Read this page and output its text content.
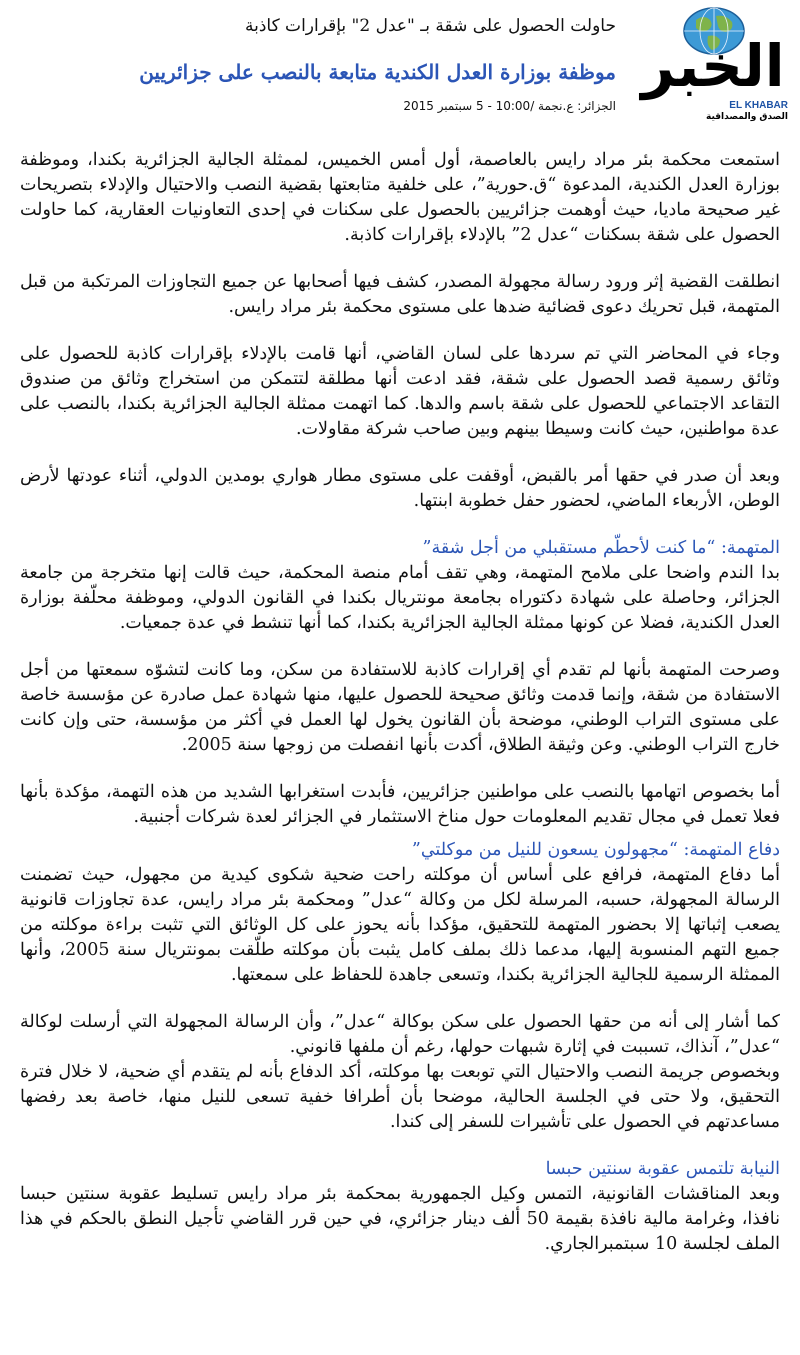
الخبر
EL KHABAR
الصدق والمصداقية
حاولت الحصول على شقة بـ "عدل 2" بإقرارات كاذبة
موظفة بوزارة العدل الكندية متابعة بالنصب على جزائريين
الجزائر: ع.نجمة /10:00 - 5 سبتمبر 2015

استمعت محكمة بئر مراد رايس بالعاصمة، أول أمس الخميس، لممثلة الجالية الجزائرية بكندا، وموظفة بوزارة العدل الكندية، المدعوة “ق.حورية”، على خلفية متابعتها بقضية النصب والاحتيال والإدلاء بتصريحات غير صحيحة ماديا، حيث أوهمت جزائريين بالحصول على سكنات في إحدى التعاونيات العقارية، كما حاولت الحصول على شقة بسكنات “عدل 2” بالإدلاء بإقرارات كاذبة.

انطلقت القضية إثر ورود رسالة مجهولة المصدر، كشف فيها أصحابها عن جميع التجاوزات المرتكبة من قبل المتهمة، قبل تحريك دعوى قضائية ضدها على مستوى محكمة بئر مراد رايس.

وجاء في المحاضر التي تم سردها على لسان القاضي، أنها قامت بالإدلاء بإقرارات كاذبة للحصول على وثائق رسمية قصد الحصول على شقة، فقد ادعت أنها مطلقة لتتمكن من استخراج وثائق من صندوق التقاعد الاجتماعي للحصول على شقة باسم والدها. كما اتهمت ممثلة الجالية الجزائرية بكندا، بالنصب على عدة مواطنين، حيث كانت وسيطا بينهم وبين صاحب شركة مقاولات.

وبعد أن صدر في حقها أمر بالقبض، أوقفت على مستوى مطار هواري بومدين الدولي، أثناء عودتها لأرض الوطن، الأربعاء الماضي، لحضور حفل خطوبة ابنتها.

المتهمة: “ما كنت لأحطّم مستقبلي من أجل شقة”

بدا الندم واضحا على ملامح المتهمة، وهي تقف أمام منصة المحكمة، حيث قالت إنها متخرجة من جامعة الجزائر، وحاصلة على شهادة دكتوراه بجامعة مونتريال بكندا في القانون الدولي، وموظفة محلّفة بوزارة العدل الكندية، فضلا عن كونها ممثلة الجالية الجزائرية بكندا، كما أنها تنشط في عدة جمعيات.

وصرحت المتهمة بأنها لم تقدم أي إقرارات كاذبة للاستفادة من سكن، وما كانت لتشوّه سمعتها من أجل الاستفادة من شقة، وإنما قدمت وثائق صحيحة للحصول عليها، منها شهادة عمل صادرة عن مؤسسة خاصة على مستوى التراب الوطني، موضحة بأن القانون يخول لها العمل في أكثر من مؤسسة، حتى وإن كانت خارج التراب الوطني. وعن وثيقة الطلاق، أكدت بأنها انفصلت من زوجها سنة 2005.

أما بخصوص اتهامها بالنصب على مواطنين جزائريين، فأبدت استغرابها الشديد من هذه التهمة، مؤكدة بأنها فعلا تعمل في مجال تقديم المعلومات حول مناخ الاستثمار في الجزائر لعدة شركات أجنبية.

دفاع المتهمة: “مجهولون يسعون للنيل من موكلتي”

أما دفاع المتهمة، فرافع على أساس أن موكلته راحت ضحية شكوى كيدية من مجهول، حيث تضمنت الرسالة المجهولة، حسبه، المرسلة لكل من وكالة “عدل” ومحكمة بئر مراد رايس، عدة تجاوزات قانونية يصعب إثباتها إلا بحضور المتهمة للتحقيق، مؤكدا بأنه يحوز على كل الوثائق التي تثبت براءة موكلته من جميع التهم المنسوبة إليها، مدعما ذلك بملف كامل يثبت بأن موكلته طلّقت بمونتريال سنة 2005، وأنها الممثلة الرسمية للجالية الجزائرية بكندا، وتسعى جاهدة للحفاظ على سمعتها.

كما أشار إلى أنه من حقها الحصول على سكن بوكالة “عدل”، وأن الرسالة المجهولة التي أرسلت لوكالة “عدل”، آنذاك، تسببت في إثارة شبهات حولها، رغم أن ملفها قانوني.

وبخصوص جريمة النصب والاحتيال التي توبعت بها موكلته، أكد الدفاع بأنه لم يتقدم أي ضحية، لا خلال فترة التحقيق، ولا حتى في الجلسة الحالية، موضحا بأن أطرافا خفية تسعى للنيل منها، خاصة بعد رفضها مساعدتهم في الحصول على تأشيرات للسفر إلى كندا.

النيابة تلتمس عقوبة سنتين حبسا

وبعد المناقشات القانونية، التمس وكيل الجمهورية بمحكمة بئر مراد رايس تسليط عقوبة سنتين حبسا نافذا، وغرامة مالية نافذة بقيمة 50 ألف دينار جزائري، في حين قرر القاضي تأجيل النطق بالحكم في هذا الملف لجلسة 10 سبتمبرالجاري.
